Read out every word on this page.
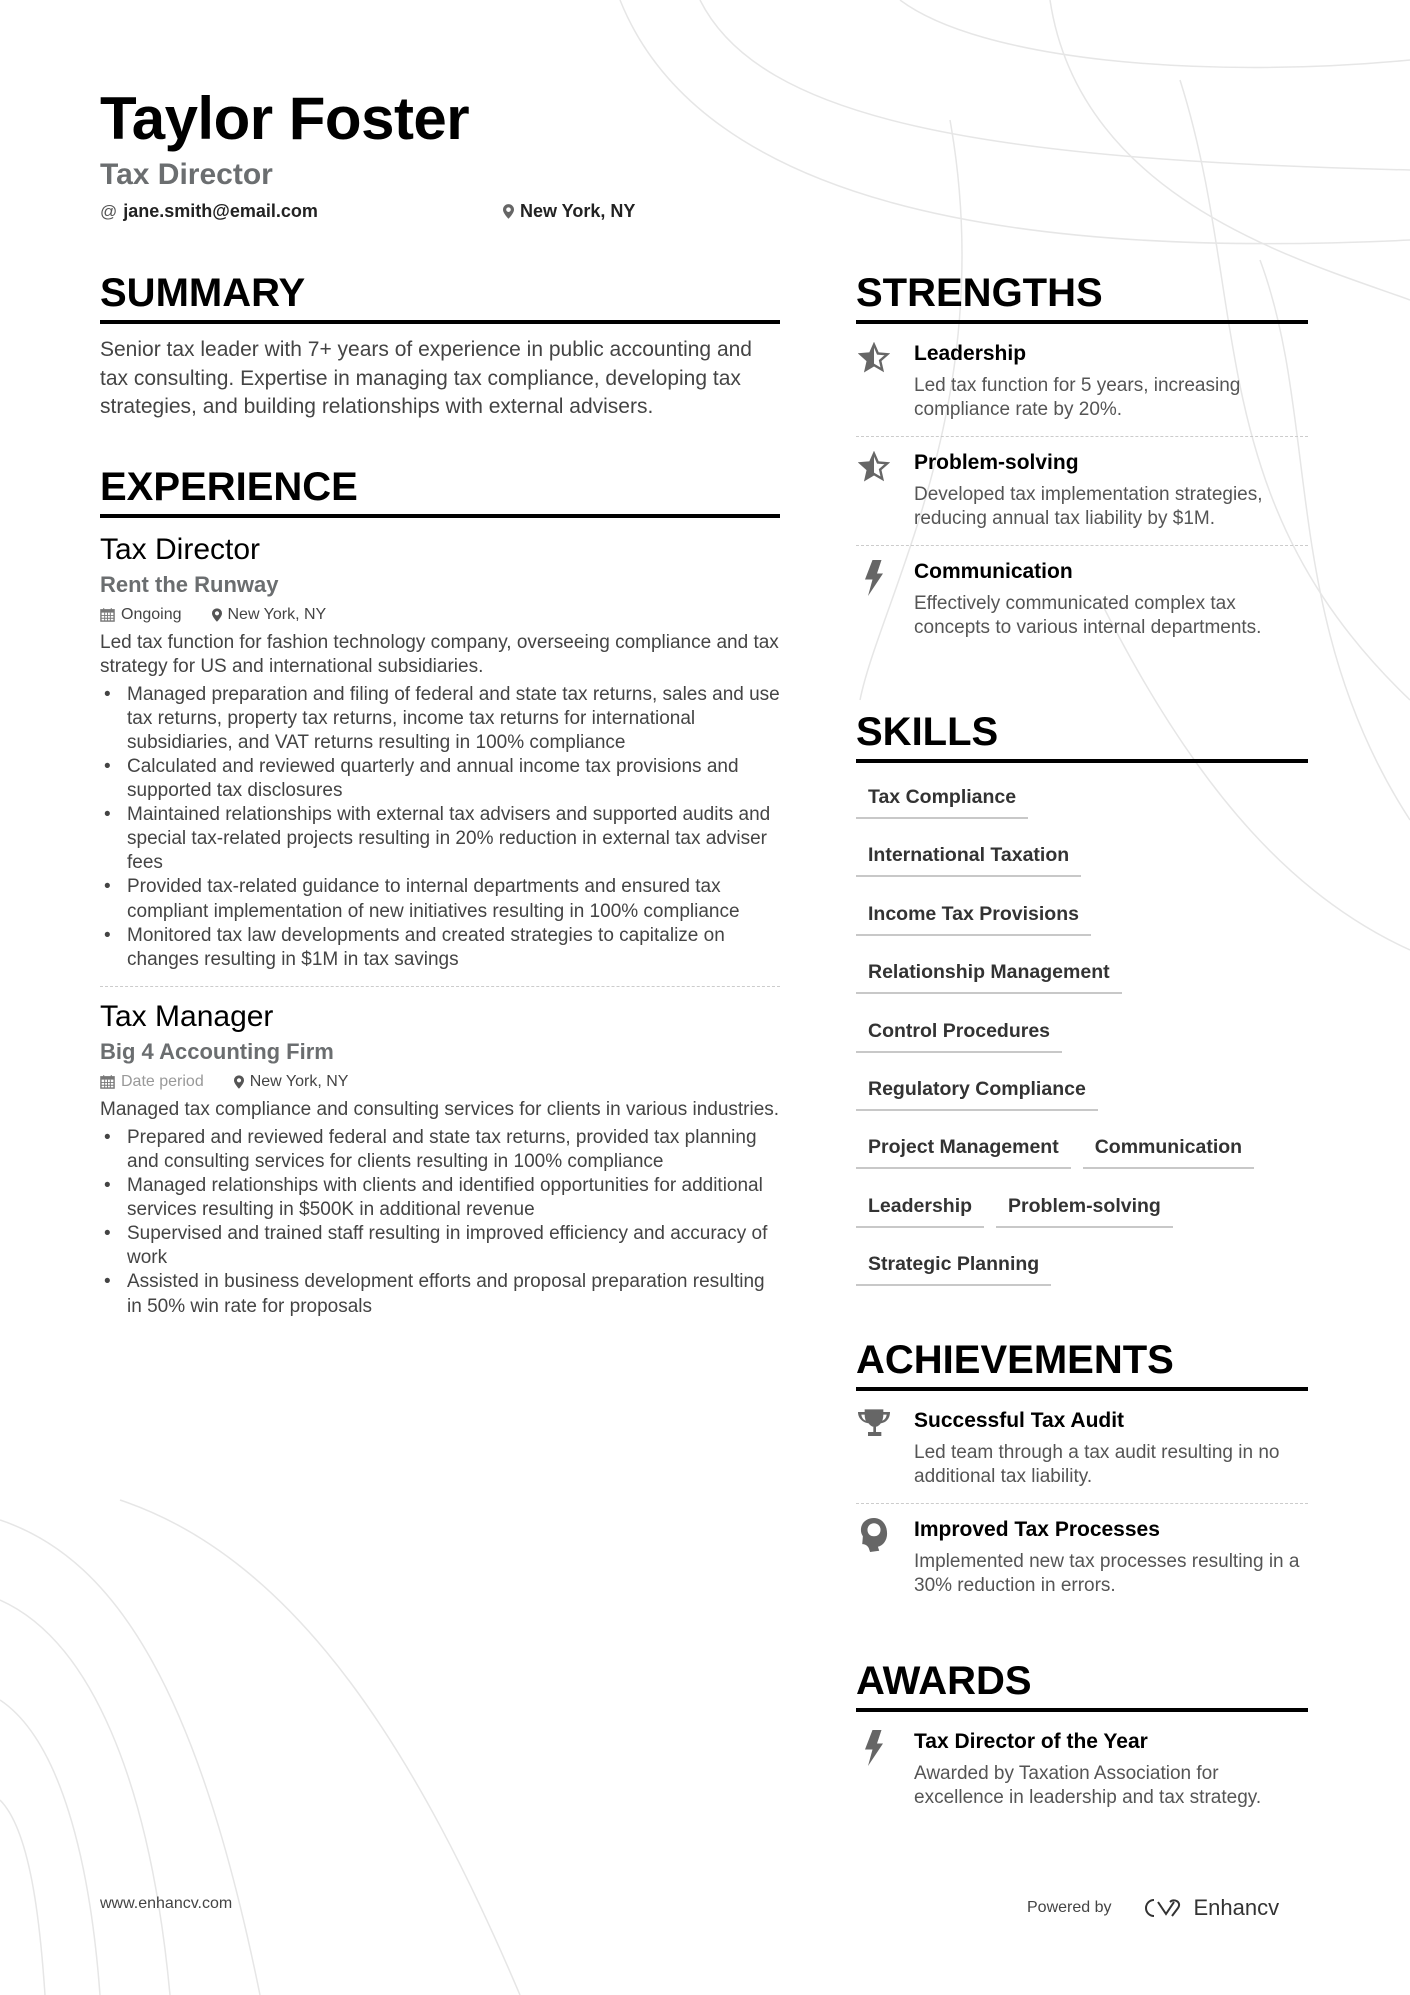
Taylor Foster
Tax Director
@ jane.smith@email.com	New York, NY
SUMMARY

Senior tax leader with 7+ years of experience in public accounting and tax consulting. Expertise in managing tax compliance, developing tax strategies, and building relationships with external advisers.

EXPERIENCE
Tax Director
Rent the Runway
Ongoing	New York, NY

Led tax function for fashion technology company, overseeing compliance and tax strategy for US and international subsidiaries.

• Managed preparation and filing of federal and state tax returns, sales and use tax returns, property tax returns, income tax returns for international subsidiaries, and VAT returns resulting in 100% compliance
• Calculated and reviewed quarterly and annual income tax provisions and supported tax disclosures
• Maintained relationships with external tax advisers and supported audits and special tax-related projects resulting in 20% reduction in external tax adviser fees
• Provided tax-related guidance to internal departments and ensured tax compliant implementation of new initiatives resulting in 100% compliance
• Monitored tax law developments and created strategies to capitalize on changes resulting in $1M in tax savings
Tax Manager
Big 4 Accounting Firm
Date period	New York, NY

Managed tax compliance and consulting services for clients in various industries.

• Prepared and reviewed federal and state tax returns, provided tax planning and consulting services for clients resulting in 100% compliance
• Managed relationships with clients and identified opportunities for additional services resulting in $500K in additional revenue
• Supervised and trained staff resulting in improved efficiency and accuracy of work
• Assisted in business development efforts and proposal preparation resulting in 50% win rate for proposals
STRENGTHS
Leadership
Led tax function for 5 years, increasing compliance rate by 20%.
Problem-solving
Developed tax implementation strategies, reducing annual tax liability by $1M.
Communication
Effectively communicated complex tax concepts to various internal departments.
SKILLS
Tax Compliance
International Taxation
Income Tax Provisions
Relationship Management
Control Procedures
Regulatory Compliance
Project Management	Communication
Leadership	Problem-solving
Strategic Planning
ACHIEVEMENTS
Successful Tax Audit
Led team through a tax audit resulting in no additional tax liability.
Improved Tax Processes
Implemented new tax processes resulting in a 30% reduction in errors.
AWARDS
Tax Director of the Year
Awarded by Taxation Association for excellence in leadership and tax strategy.
www.enhancv.com	Powered by	Enhancv
